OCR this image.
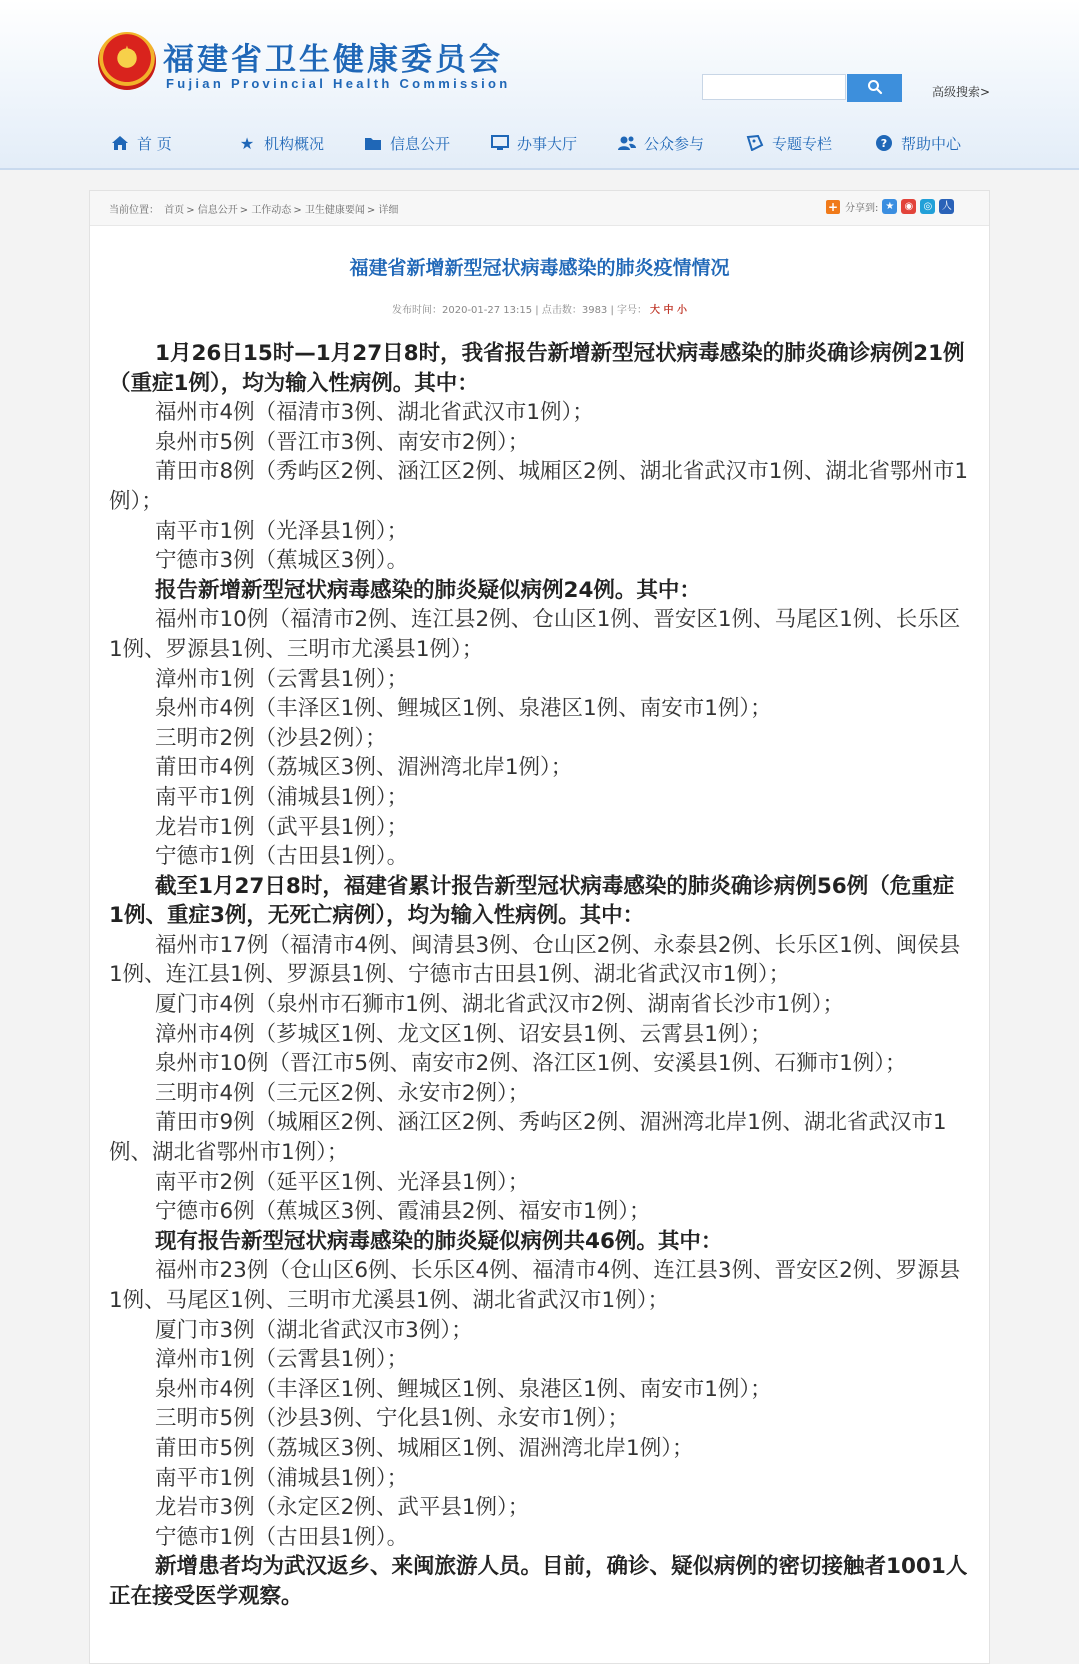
★ 福建省卫生健康委员会
Fujian Provincial Health Commission
高级搜索>
首 页	★ 机构概况	信息公开	办事大厅	公众参与	专题专栏	? 帮助中心
当前位置： 首页 > 信息公开 > 工作动态 > 卫生健康要闻 > 详细	+ 分享到: ★	◉	◎ 人
福建省新增新型冠状病毒感染的肺炎疫情情况
发布时间：2020-01-27 13:15 | 点击数：3983 | 字号： 大 中 小

1月26日15时—1月27日8时，我省报告新增新型冠状病毒感染的肺炎确诊病例21例（重症1例），均为输入性病例。其中：

福州市4例（福清市3例、湖北省武汉市1例）；

泉州市5例（晋江市3例、南安市2例）；

莆田市8例（秀屿区2例、涵江区2例、城厢区2例、湖北省武汉市1例、湖北省鄂州市1例）；

南平市1例（光泽县1例）；

宁德市3例（蕉城区3例）。

报告新增新型冠状病毒感染的肺炎疑似病例24例。其中：

福州市10例（福清市2例、连江县2例、仓山区1例、晋安区1例、马尾区1例、长乐区1例、罗源县1例、三明市尤溪县1例）；

漳州市1例（云霄县1例）；

泉州市4例（丰泽区1例、鲤城区1例、泉港区1例、南安市1例）；

三明市2例（沙县2例）；

莆田市4例（荔城区3例、湄洲湾北岸1例）；

南平市1例（浦城县1例）；

龙岩市1例（武平县1例）；

宁德市1例（古田县1例）。

截至1月27日8时，福建省累计报告新型冠状病毒感染的肺炎确诊病例56例（危重症1例、重症3例，无死亡病例），均为输入性病例。其中：

福州市17例（福清市4例、闽清县3例、仓山区2例、永泰县2例、长乐区1例、闽侯县1例、连江县1例、罗源县1例、宁德市古田县1例、湖北省武汉市1例）；

厦门市4例（泉州市石狮市1例、湖北省武汉市2例、湖南省长沙市1例）；

漳州市4例（芗城区1例、龙文区1例、诏安县1例、云霄县1例）；

泉州市10例（晋江市5例、南安市2例、洛江区1例、安溪县1例、石狮市1例）；

三明市4例（三元区2例、永安市2例）；

莆田市9例（城厢区2例、涵江区2例、秀屿区2例、湄洲湾北岸1例、湖北省武汉市1例、湖北省鄂州市1例）；

南平市2例（延平区1例、光泽县1例）；

宁德市6例（蕉城区3例、霞浦县2例、福安市1例）；

现有报告新型冠状病毒感染的肺炎疑似病例共46例。其中：

福州市23例（仓山区6例、长乐区4例、福清市4例、连江县3例、晋安区2例、罗源县1例、马尾区1例、三明市尤溪县1例、湖北省武汉市1例）；

厦门市3例（湖北省武汉市3例）；

漳州市1例（云霄县1例）；

泉州市4例（丰泽区1例、鲤城区1例、泉港区1例、南安市1例）；

三明市5例（沙县3例、宁化县1例、永安市1例）；

莆田市5例（荔城区3例、城厢区1例、湄洲湾北岸1例）；

南平市1例（浦城县1例）；

龙岩市3例（永定区2例、武平县1例）；

宁德市1例（古田县1例）。

新增患者均为武汉返乡、来闽旅游人员。目前，确诊、疑似病例的密切接触者1001人正在接受医学观察。
